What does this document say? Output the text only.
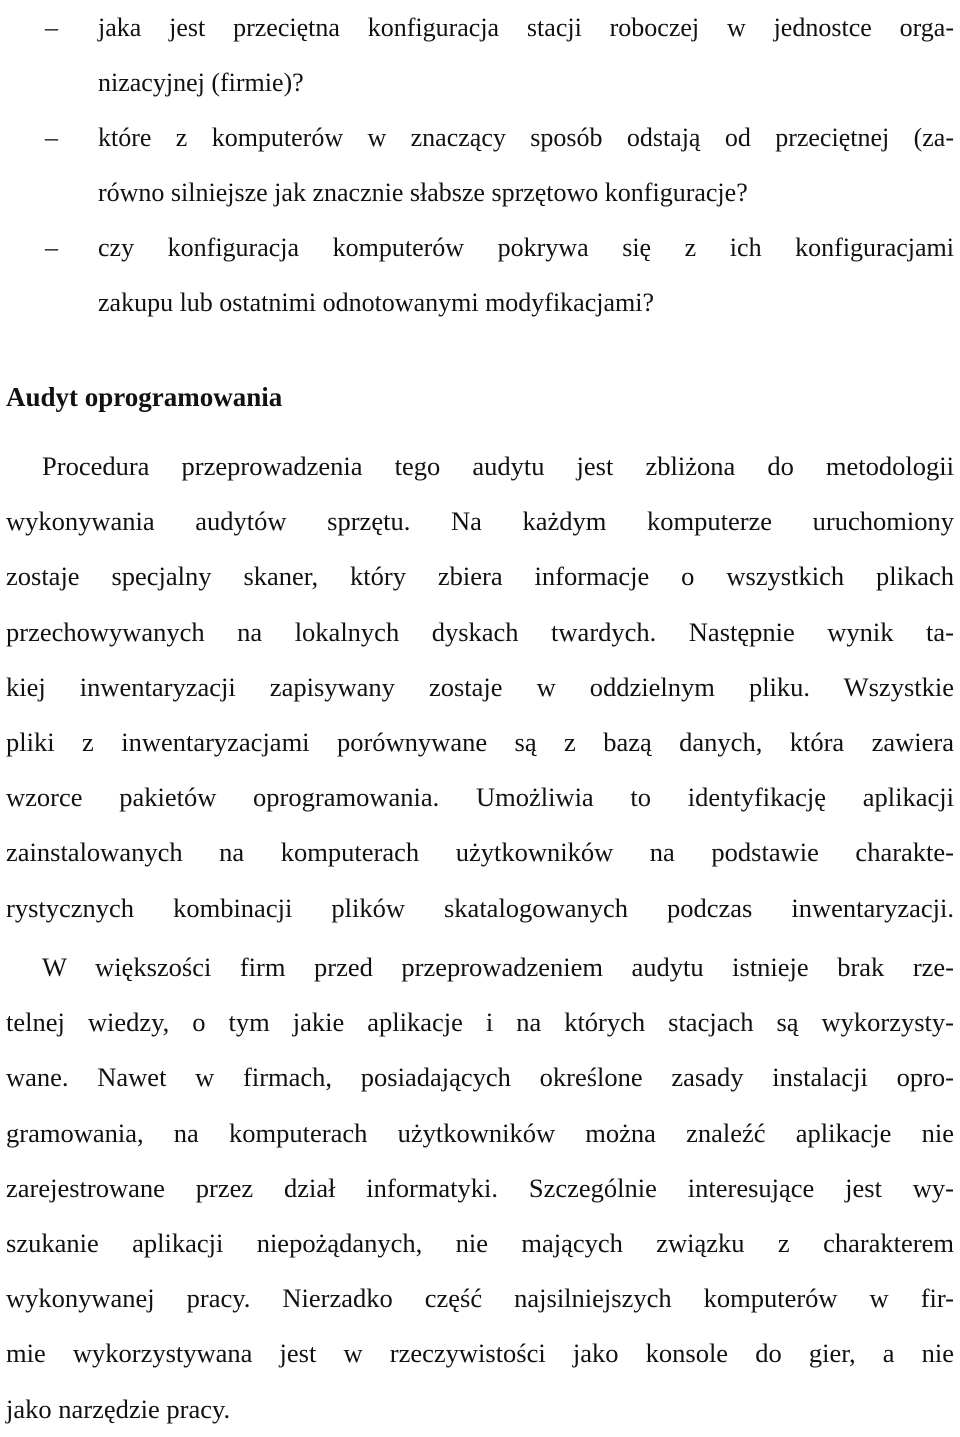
–	jaka jest przeciętna konfiguracja stacji roboczej w jednostce orga-
nizacyjnej (firmie)?
–	które z komputerów w znaczący sposób odstają od przeciętnej (za-
równo silniejsze jak znacznie słabsze sprzętowo konfiguracje?
–	czy konfiguracja komputerów pokrywa się z ich konfiguracjami
zakupu lub ostatnimi odnotowanymi modyfikacjami?
Audyt oprogramowania
Procedura przeprowadzenia tego audytu jest zbliżona do metodologii
wykonywania audytów sprzętu. Na każdym komputerze uruchomiony
zostaje specjalny skaner, który zbiera informacje o wszystkich plikach
przechowywanych na lokalnych dyskach twardych. Następnie wynik ta-
kiej inwentaryzacji zapisywany zostaje w oddzielnym pliku. Wszystkie
pliki z inwentaryzacjami porównywane są z bazą danych, która zawiera
wzorce pakietów oprogramowania. Umożliwia to identyfikację aplikacji
zainstalowanych na komputerach użytkowników na podstawie charakte-
rystycznych kombinacji plików skatalogowanych podczas inwentaryzacji.
W większości firm przed przeprowadzeniem audytu istnieje brak rze-
telnej wiedzy, o tym jakie aplikacje i na których stacjach są wykorzysty-
wane. Nawet w firmach, posiadających określone zasady instalacji opro-
gramowania, na komputerach użytkowników można znaleźć aplikacje nie
zarejestrowane przez dział informatyki. Szczególnie interesujące jest wy-
szukanie aplikacji niepożądanych, nie mających związku z charakterem
wykonywanej pracy. Nierzadko część najsilniejszych komputerów w fir-
mie wykorzystywana jest w rzeczywistości jako konsole do gier, a nie
jako narzędzie pracy.
